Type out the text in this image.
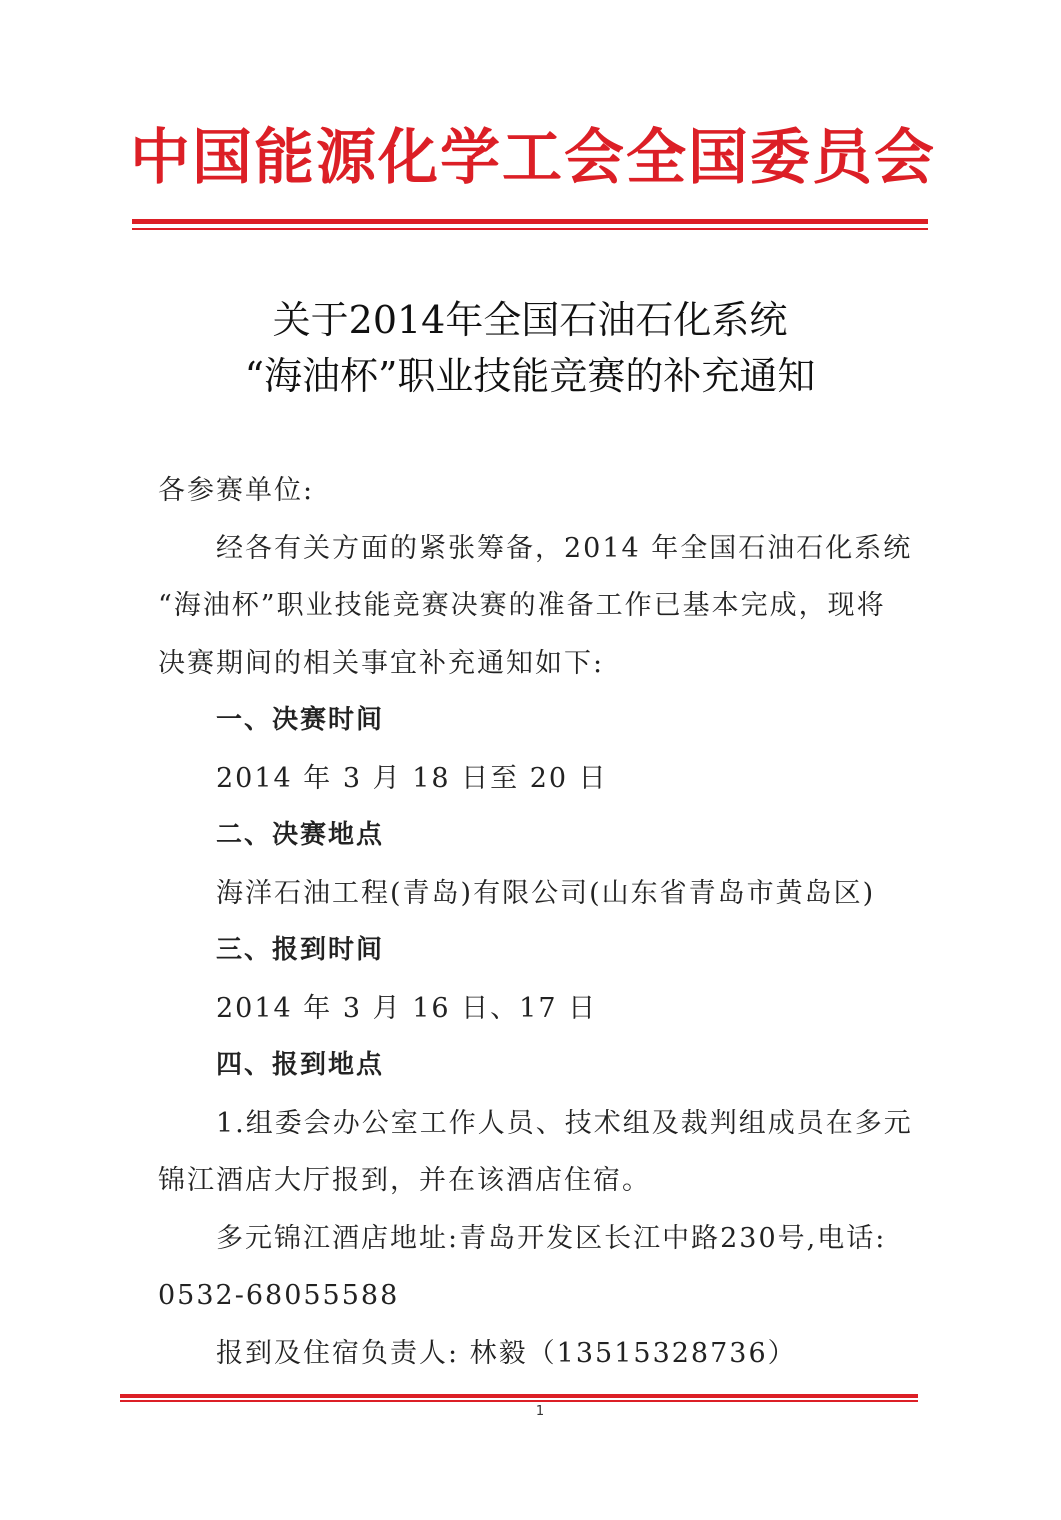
中国能源化学工会全国委员会
关于2014年全国石油石化系统
“海油杯”职业技能竞赛的补充通知

各参赛单位:

经各有关方面的紧张筹备，2014 年全国石油石化系统

“海油杯”职业技能竞赛决赛的准备工作已基本完成，现将

决赛期间的相关事宜补充通知如下:

一、决赛时间

2014 年 3 月 18 日至 20 日

二、决赛地点

海洋石油工程(青岛)有限公司(山东省青岛市黄岛区)

三、报到时间

2014 年 3 月 16 日、17 日

四、报到地点

1.组委会办公室工作人员、技术组及裁判组成员在多元

锦江酒店大厅报到，并在该酒店住宿。

多元锦江酒店地址:青岛开发区长江中路230号,电话:

0532-68055588

报到及住宿负责人: 林毅（13515328736）

1
